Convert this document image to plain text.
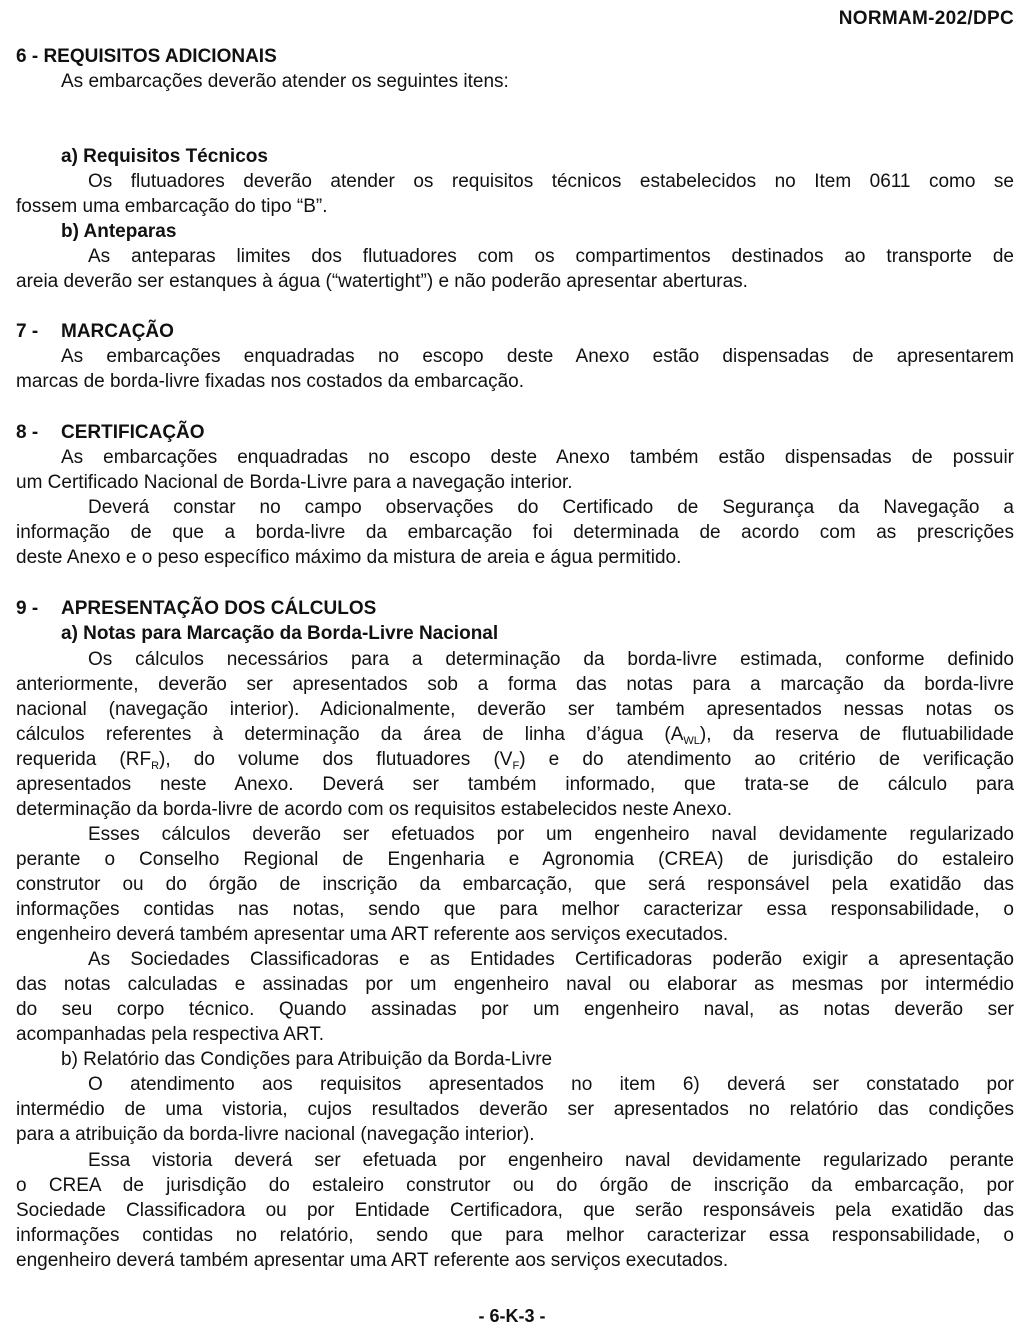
NORMAM-202/DPC
6 - REQUISITOS ADICIONAIS
As embarcações deverão atender os seguintes itens:
a) Requisitos Técnicos
Os flutuadores deverão atender os requisitos técnicos estabelecidos no Item 0611 como se
fossem uma embarcação do tipo “B”.
b) Anteparas
As anteparas limites dos flutuadores com os compartimentos destinados ao transporte de
areia deverão ser estanques à água (“watertight”) e não poderão apresentar aberturas.
7 - MARCAÇÃO
As embarcações enquadradas no escopo deste Anexo estão dispensadas de apresentarem
marcas de borda-livre fixadas nos costados da embarcação.
8 - CERTIFICAÇÃO
As embarcações enquadradas no escopo deste Anexo também estão dispensadas de possuir
um Certificado Nacional de Borda-Livre para a navegação interior.
Deverá constar no campo observações do Certificado de Segurança da Navegação a
informação de que a borda-livre da embarcação foi determinada de acordo com as prescrições
deste Anexo e o peso específico máximo da mistura de areia e água permitido.
9 - APRESENTAÇÃO DOS CÁLCULOS
a) Notas para Marcação da Borda-Livre Nacional
Os cálculos necessários para a determinação da borda-livre estimada, conforme definido
anteriormente, deverão ser apresentados sob a forma das notas para a marcação da borda-livre
nacional (navegação interior). Adicionalmente, deverão ser também apresentados nessas notas os
cálculos referentes à determinação da área de linha d’água $(A_{WL})$, da reserva de flutuabilidade
requerida $(RF_R)$, do volume dos flutuadores $(V_F)$ e do atendimento ao critério de verificação
apresentados neste Anexo. Deverá ser também informado, que trata-se de cálculo para
determinação da borda-livre de acordo com os requisitos estabelecidos neste Anexo.
Esses cálculos deverão ser efetuados por um engenheiro naval devidamente regularizado
perante o Conselho Regional de Engenharia e Agronomia (CREA) de jurisdição do estaleiro
construtor ou do órgão de inscrição da embarcação, que será responsável pela exatidão das
informações contidas nas notas, sendo que para melhor caracterizar essa responsabilidade, o
engenheiro deverá também apresentar uma ART referente aos serviços executados.
As Sociedades Classificadoras e as Entidades Certificadoras poderão exigir a apresentação
das notas calculadas e assinadas por um engenheiro naval ou elaborar as mesmas por intermédio
do seu corpo técnico. Quando assinadas por um engenheiro naval, as notas deverão ser
acompanhadas pela respectiva ART.
b) Relatório das Condições para Atribuição da Borda-Livre
O atendimento aos requisitos apresentados no item 6) deverá ser constatado por
intermédio de uma vistoria, cujos resultados deverão ser apresentados no relatório das condições
para a atribuição da borda-livre nacional (navegação interior).
Essa vistoria deverá ser efetuada por engenheiro naval devidamente regularizado perante
o CREA de jurisdição do estaleiro construtor ou do órgão de inscrição da embarcação, por
Sociedade Classificadora ou por Entidade Certificadora, que serão responsáveis pela exatidão das
informações contidas no relatório, sendo que para melhor caracterizar essa responsabilidade, o
engenheiro deverá também apresentar uma ART referente aos serviços executados.
- 6-K-3 -
